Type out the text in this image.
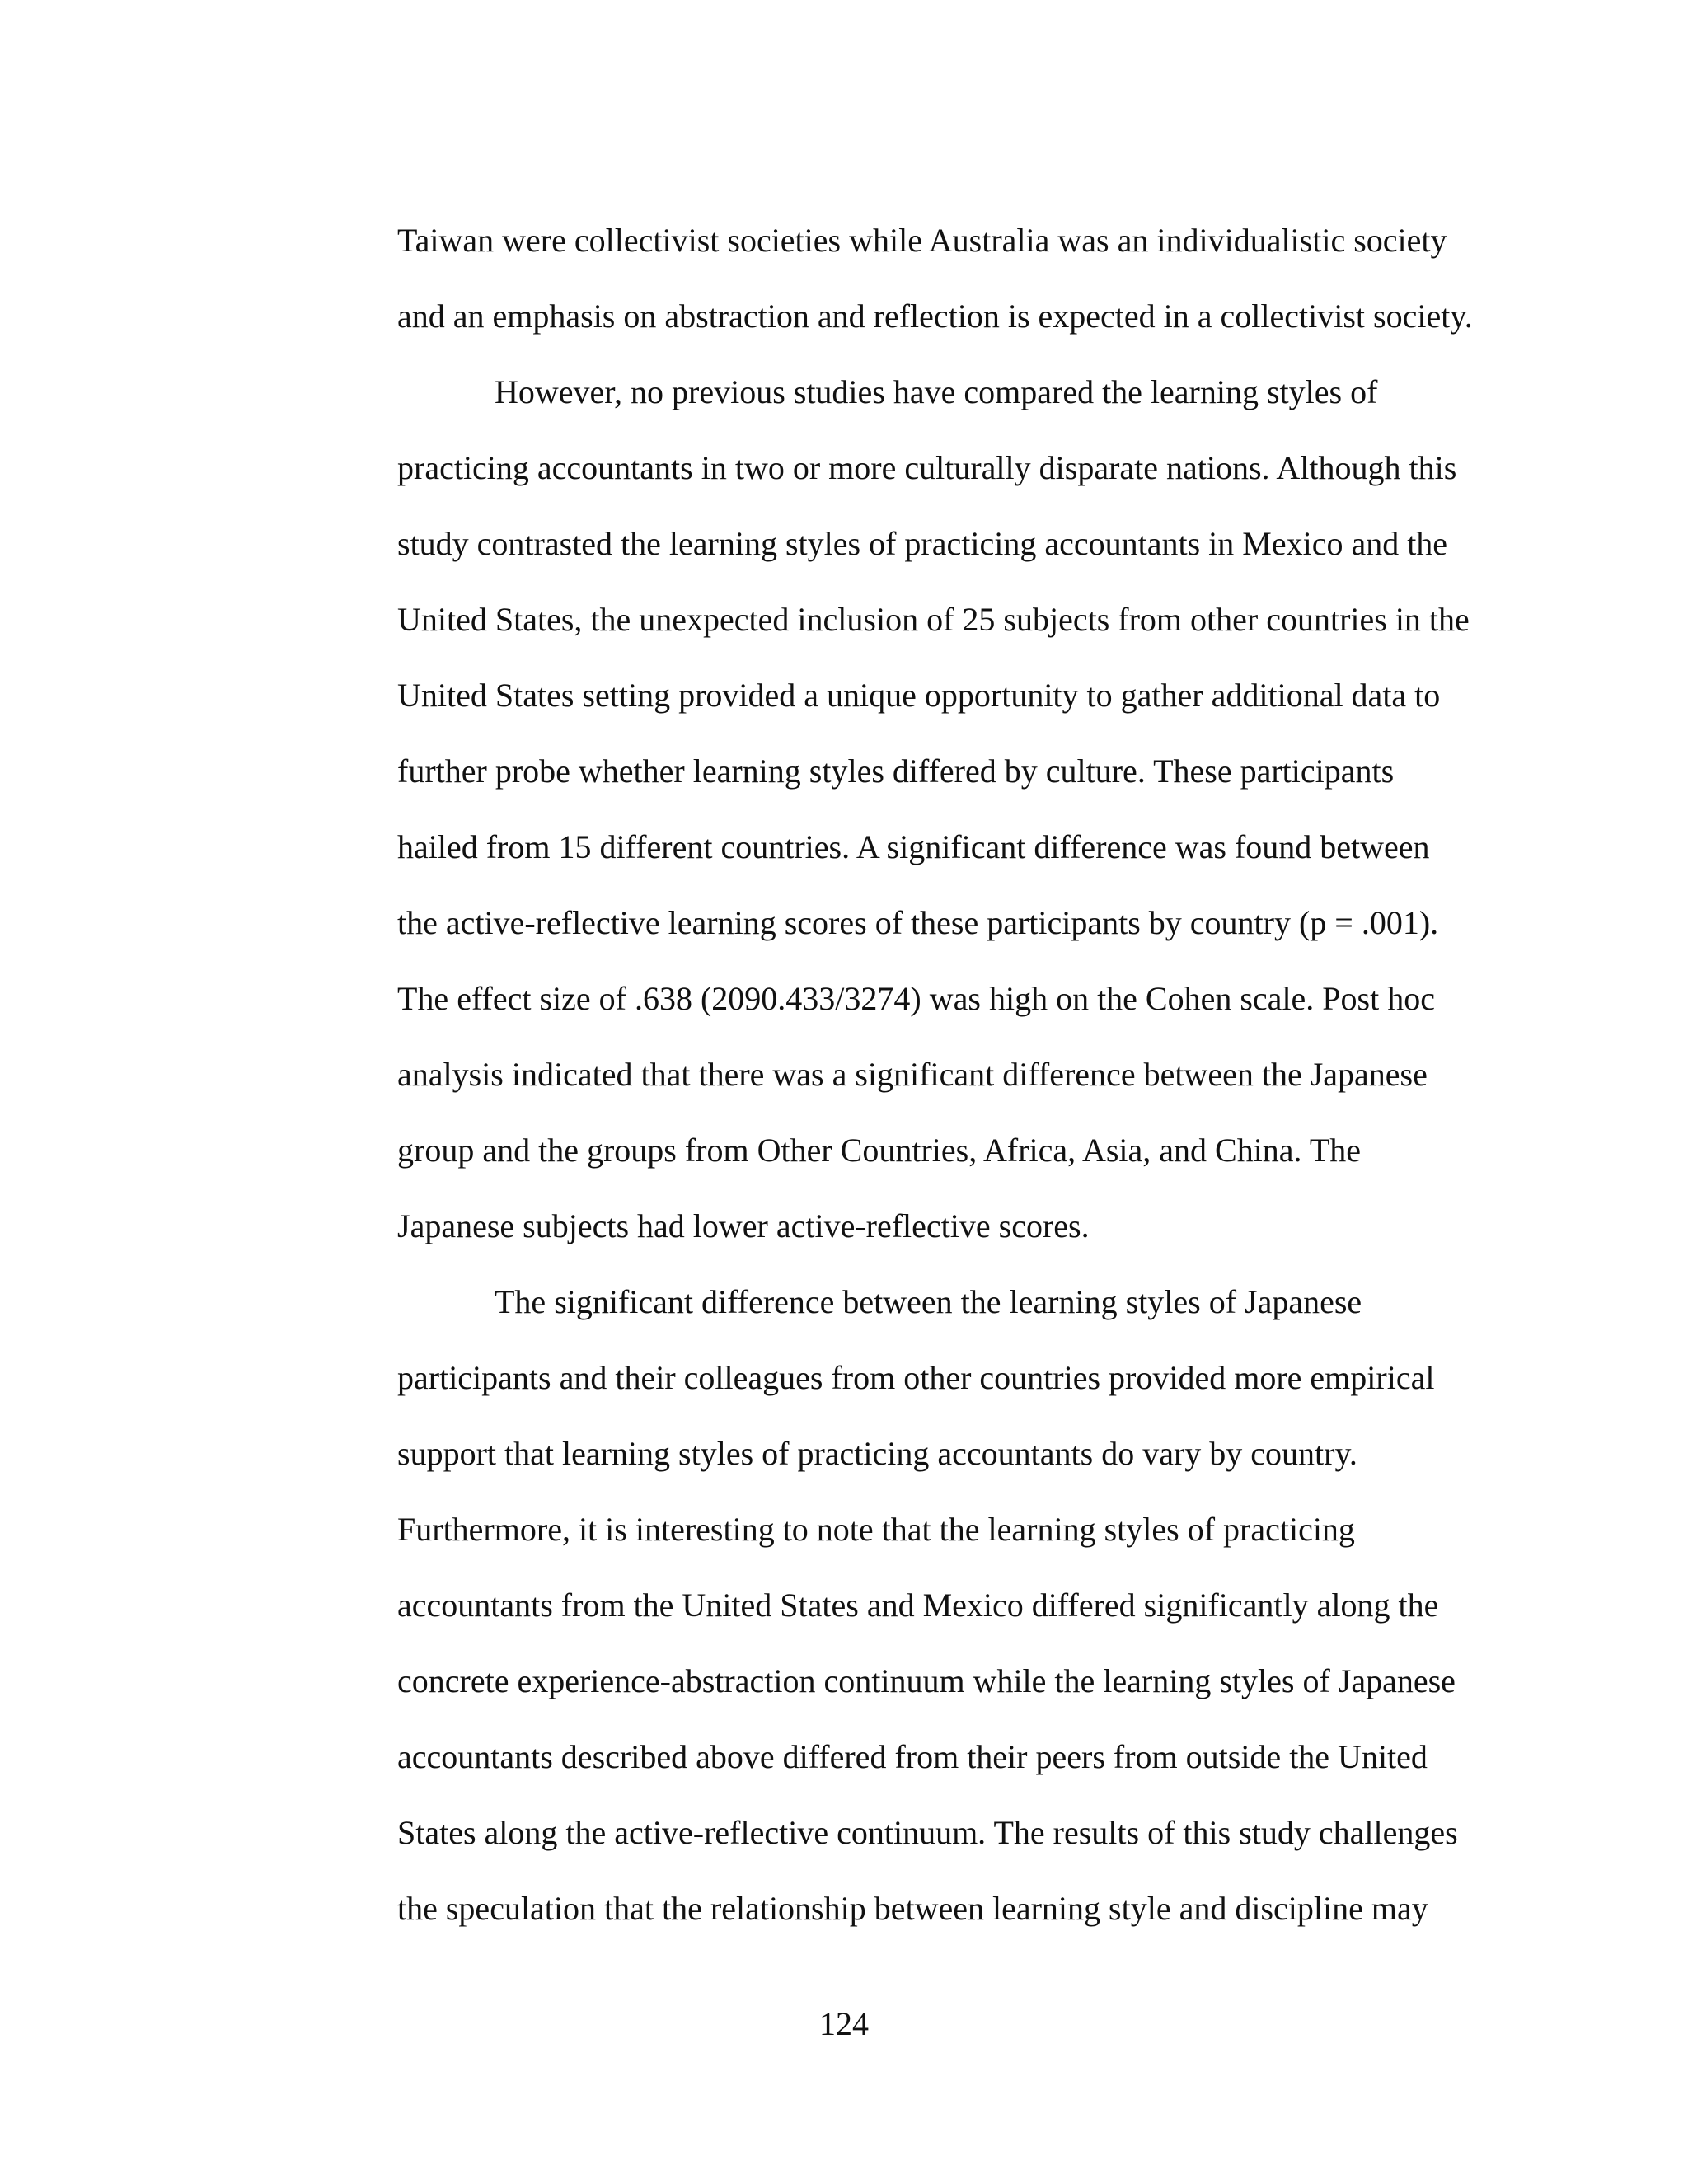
Taiwan were collectivist societies while Australia was an individualistic society
and an emphasis on abstraction and reflection is expected in a collectivist society.
However, no previous studies have compared the learning styles of
practicing accountants in two or more culturally disparate nations. Although this
study contrasted the learning styles of practicing accountants in Mexico and the
United States, the unexpected inclusion of 25 subjects from other countries in the
United States setting provided a unique opportunity to gather additional data to
further probe whether learning styles differed by culture. These participants
hailed from 15 different countries. A significant difference was found between
the active-reflective learning scores of these participants by country (p = .001).
The effect size of .638 (2090.433/3274) was high on the Cohen scale. Post hoc
analysis indicated that there was a significant difference between the Japanese
group and the groups from Other Countries, Africa, Asia, and China. The
Japanese subjects had lower active-reflective scores.
The significant difference between the learning styles of Japanese
participants and their colleagues from other countries provided more empirical
support that learning styles of practicing accountants do vary by country.
Furthermore, it is interesting to note that the learning styles of practicing
accountants from the United States and Mexico differed significantly along the
concrete experience-abstraction continuum while the learning styles of Japanese
accountants described above differed from their peers from outside the United
States along the active-reflective continuum. The results of this study challenges
the speculation that the relationship between learning style and discipline may
124
